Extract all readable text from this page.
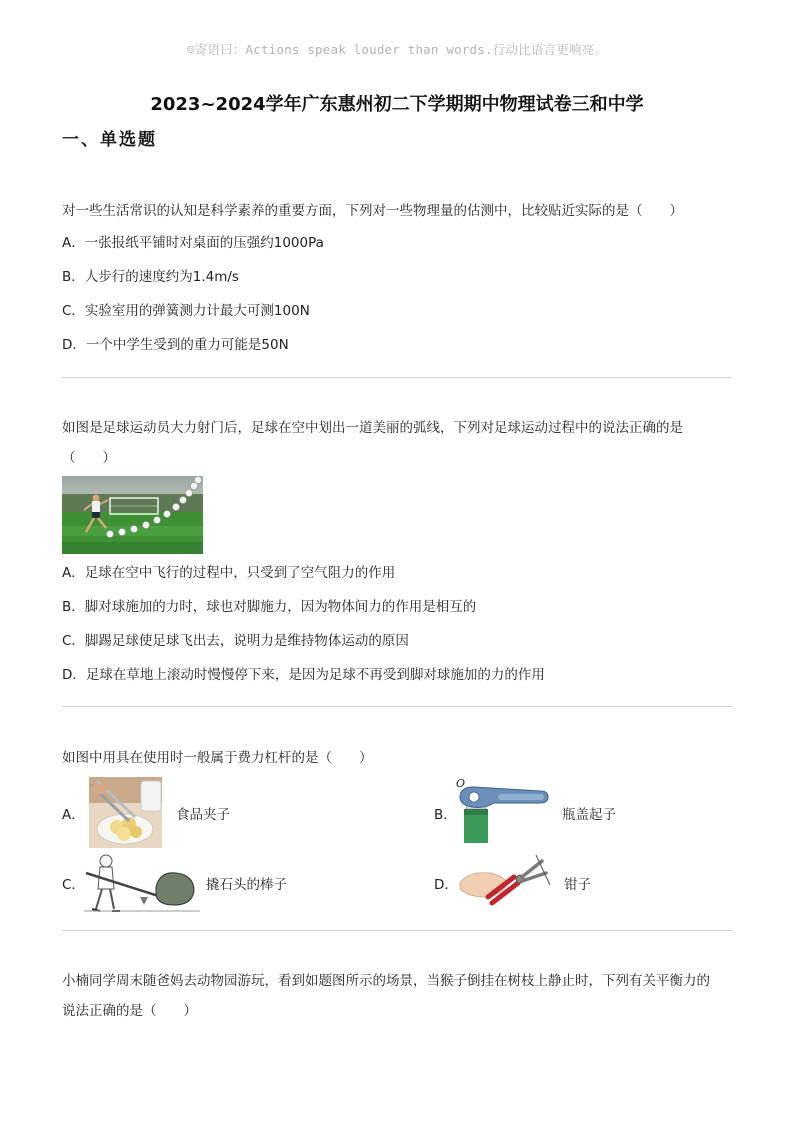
☺寄语曰：Actions speak louder than words.行动比语言更响亮。
2023~2024学年广东惠州初二下学期期中物理试卷三和中学
一、单选题
对一些生活常识的认知是科学素养的重要方面，下列对一些物理量的估测中，比较贴近实际的是（　　）
A．一张报纸平铺时对桌面的压强约1000Pa
B．人步行的速度约为1.4m/s
C．实验室用的弹簧测力计最大可测100N
D．一个中学生受到的重力可能是50N
如图是足球运动员大力射门后，足球在空中划出一道美丽的弧线，下列对足球运动过程中的说法正确的是
（　　）
A．足球在空中飞行的过程中，只受到了空气阻力的作用
B．脚对球施加的力时，球也对脚施力，因为物体间力的作用是相互的
C．脚踢足球使足球飞出去，说明力是维持物体运动的原因
D．足球在草地上滚动时慢慢停下来，是因为足球不再受到脚对球施加的力的作用
如图中用具在使用时一般属于费力杠杆的是（　　）
A．	食品夹子	B．
O
瓶盖起子
C．	撬石头的棒子	D．	钳子
小楠同学周末随爸妈去动物园游玩，看到如题图所示的场景，当猴子倒挂在树枝上静止时，下列有关平衡力的
说法正确的是（　　）
